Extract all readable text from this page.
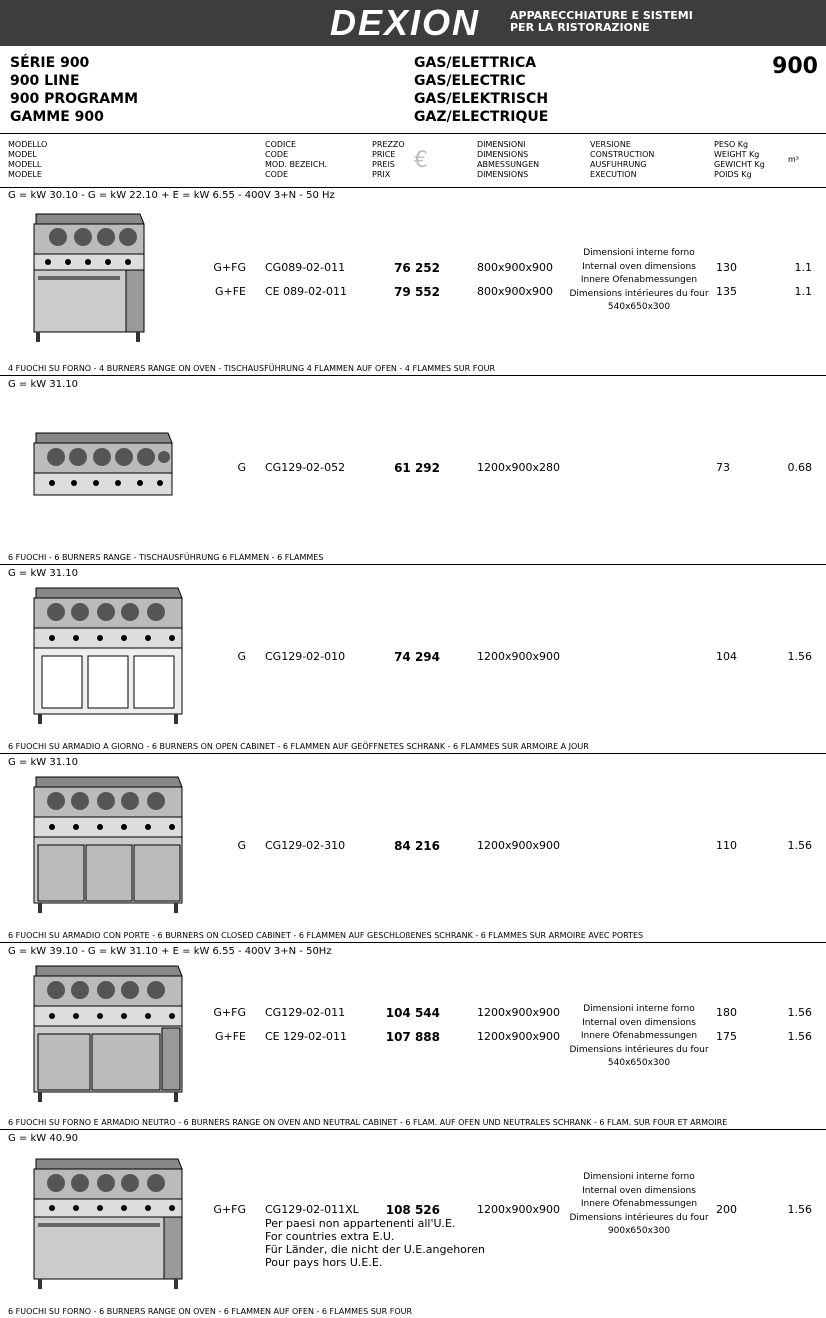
DEXION	APPARECCHIATURE E SISTEMI
PER LA RISTORAZIONE
SÉRIE 900
900 LINE
900 PROGRAMM
GAMME 900
GAS/ELETTRICA
GAS/ELECTRIC
GAS/ELEKTRISCH
GAZ/ELECTRIQUE
900
MODELLO
MODEL
MODELL
MODELE
CODICE
CODE
MOD. BEZEICH.
CODE
PREZZO
PRICE
PREIS
PRIX
€
DIMENSIONI
DIMENSIONS
ABMESSUNGEN
DIMENSIONS
VERSIONE
CONSTRUCTION
AUSFUHRUNG
EXECUTION
PESO Kg
WEIGHT Kg
GEWICHT Kg
POIDS Kg
m³
G = kW 30.10 - G = kW 22.10 + E = kW 6.55 - 400V 3+N - 50 Hz
G+FG CG089-02-011	76 252	800x900x900	130	1.1
G+FE CE 089-02-011	79 552	800x900x900	135	1.1
Dimensioni interne forno
Internal oven dimensions
Innere Ofenabmessungen
Dimensions intérieures du four
540x650x300
4 FUOCHI SU FORNO - 4 BURNERS RANGE ON OVEN - TISCHAUSFÜHRUNG 4 FLAMMEN AUF OFEN - 4 FLAMMES SUR FOUR
G = kW 31.10
G CG129-02-052	61 292	1200x900x280	73	0.68
6 FUOCHI - 6 BURNERS RANGE - TISCHAUSFÜHRUNG 6 FLAMMEN - 6 FLAMMES
G = kW 31.10
G CG129-02-010	74 294	1200x900x900	104	1.56
6 FUOCHI SU ARMADIO A GIORNO - 6 BURNERS ON OPEN CABINET - 6 FLAMMEN AUF GEÖFFNETES SCHRANK - 6 FLAMMES SUR ARMOIRE A JOUR
G = kW 31.10
G CG129-02-310	84 216	1200x900x900	110	1.56
6 FUOCHI SU ARMADIO CON PORTE - 6 BURNERS ON CLOSED CABINET - 6 FLAMMEN AUF GESCHLOßENES SCHRANK - 6 FLAMMES SUR ARMOIRE AVEC PORTES
G = kW 39.10 - G = kW 31.10 + E = kW 6.55 - 400V 3+N - 50Hz
G+FG CG129-02-011	104 544	1200x900x900	180	1.56
G+FE CE 129-02-011	107 888	1200x900x900	175	1.56
Dimensioni interne forno
Internal oven dimensions
Innere Ofenabmessungen
Dimensions intérieures du four
540x650x300
6 FUOCHI SU FORNO E ARMADIO NEUTRO - 6 BURNERS RANGE ON OVEN AND NEUTRAL CABINET - 6 FLAM. AUF OFEN UND NEUTRALES SCHRANK - 6 FLAM. SUR FOUR ET ARMOIRE
G = kW 40.90
G+FG CG129-02-011XL	108 526	1200x900x900	200	1.56
Per paesi non appartenenti all'U.E.
For countries extra E.U.
Für Länder, die nicht der U.E.angehoren
Pour pays hors U.E.E.
Dimensioni interne forno
Internal oven dimensions
Innere Ofenabmessungen
Dimensions intérieures du four
900x650x300
6 FUOCHI SU FORNO - 6 BURNERS RANGE ON OVEN - 6 FLAMMEN AUF OFEN - 6 FLAMMES SUR FOUR
